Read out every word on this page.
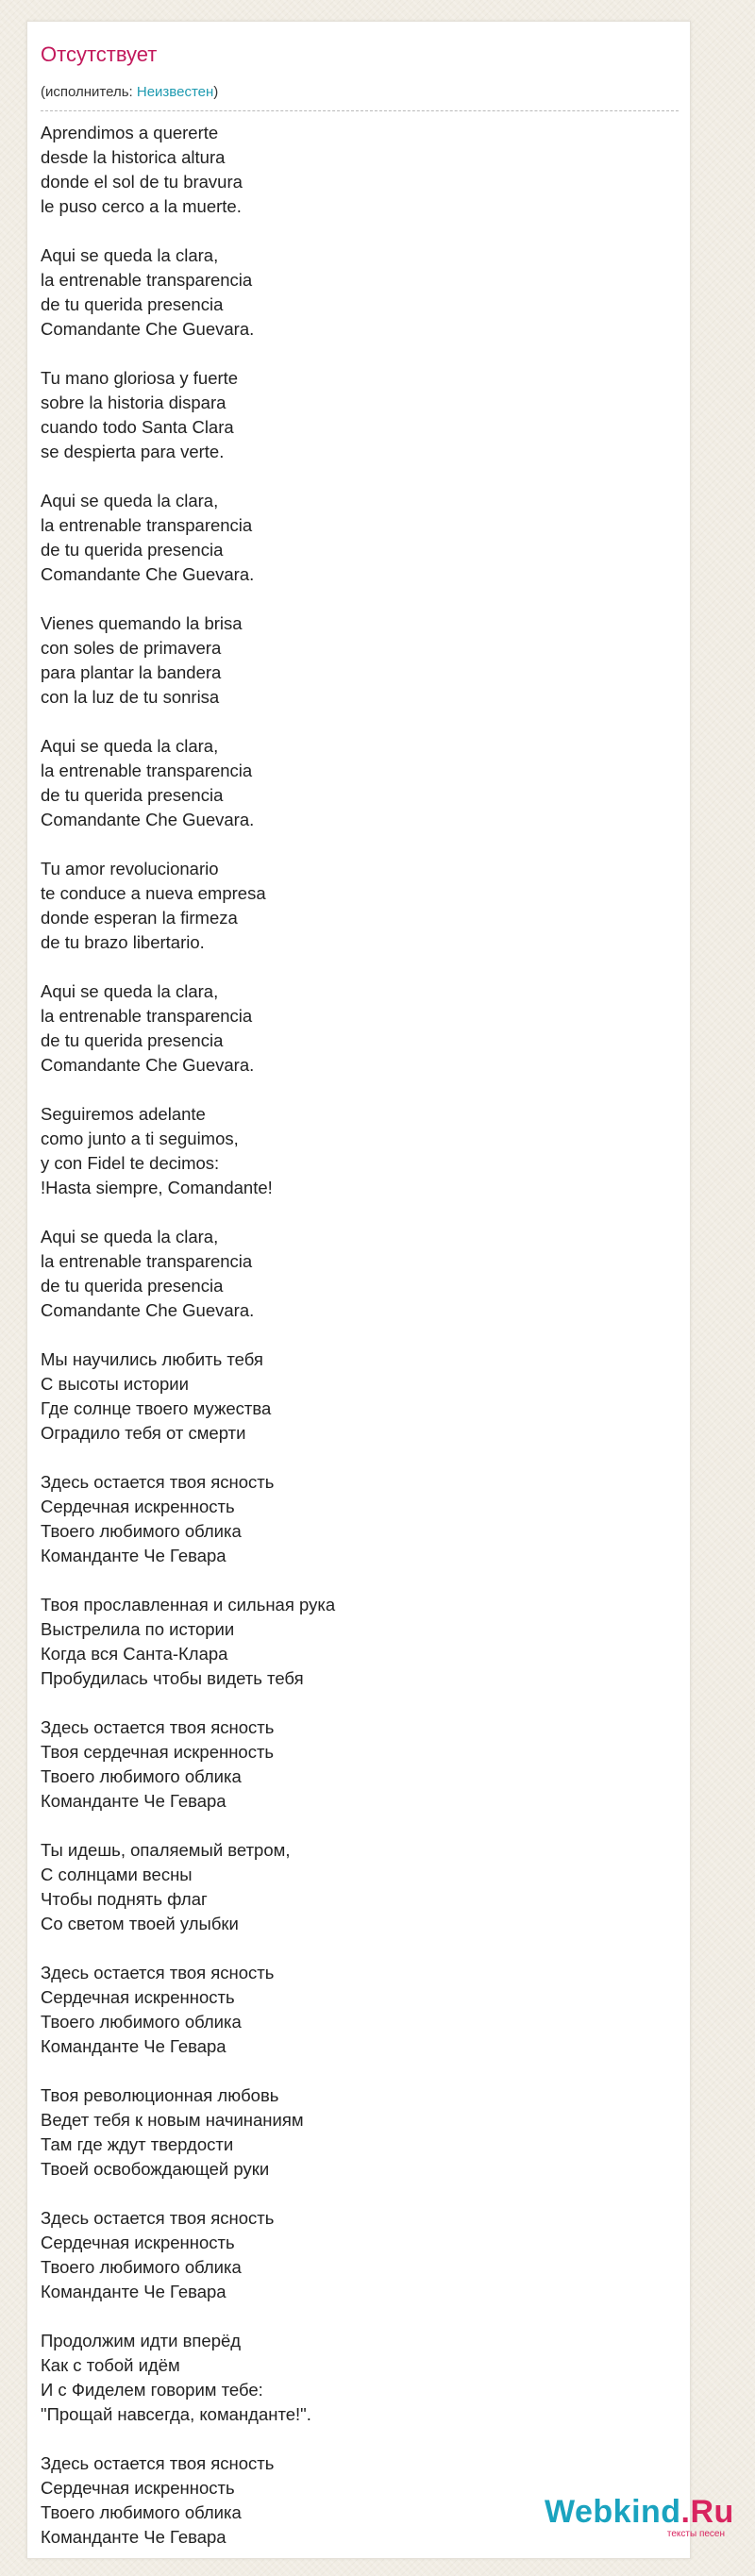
Отсутствует
(исполнитель: Неизвестен)
Aprendimos a quererte
desde la historica altura
donde el sol de tu bravura
le puso cerco a la muerte.
Aqui se queda la clara,
la entrenable transparencia
de tu querida presencia
Comandante Che Guevara.
Tu mano gloriosa y fuerte
sobre la historia dispara
cuando todo Santa Clara
se despierta para verte.
Aqui se queda la clara,
la entrenable transparencia
de tu querida presencia
Comandante Che Guevara.
Vienes quemando la brisa
con soles de primavera
para plantar la bandera
con la luz de tu sonrisa
Aqui se queda la clara,
la entrenable transparencia
de tu querida presencia
Comandante Che Guevara.
Tu amor revolucionario
te conduce a nueva empresa
donde esperan la firmeza
de tu brazo libertario.
Aqui se queda la clara,
la entrenable transparencia
de tu querida presencia
Comandante Che Guevara.
Seguiremos adelante
como junto a ti seguimos,
y con Fidel te decimos:
!Hasta siempre, Comandante!
Aqui se queda la clara,
la entrenable transparencia
de tu querida presencia
Comandante Che Guevara.
Мы научились любить тебя
С высоты истории
Где солнце твоего мужества
Оградило тебя от смерти
Здесь остается твоя ясность
Сердечная искренность
Твоего любимого облика
Команданте Че Гевара
Твоя прославленная и сильная рука
Выстрелила по истории
Когда вся Санта-Клара
Пробудилась чтобы видеть тебя
Здесь остается твоя ясность
Твоя сердечная искренность
Твоего любимого облика
Команданте Че Гевара
Ты идешь, опаляемый ветром,
С солнцами весны
Чтобы поднять флаг
Со светом твоей улыбки
Здесь остается твоя ясность
Сердечная искренность
Твоего любимого облика
Команданте Че Гевара
Твоя революционная любовь
Ведет тебя к новым начинаниям
Там где ждут твердости
Твоей освобождающей руки
Здесь остается твоя ясность
Сердечная искренность
Твоего любимого облика
Команданте Че Гевара
Продолжим идти вперёд
Как с тобой идём
И с Фиделем говорим тебе:
"Прощай навсегда, команданте!".
Здесь остается твоя ясность
Сердечная искренность
Твоего любимого облика
Команданте Че Гевара
Webkind.Ru
тексты песен
